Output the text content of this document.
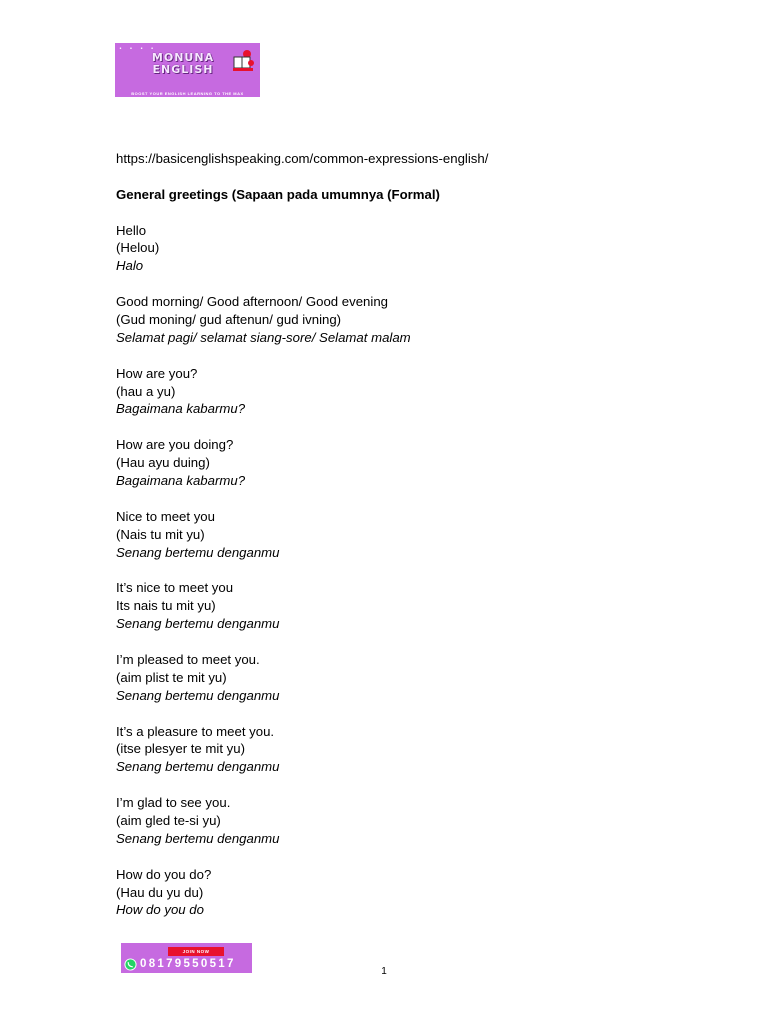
• • • •
MONUNA
ENGLISH
BOOST YOUR ENGLISH LEARNING TO THE MAX
https://basicenglishspeaking.com/common-expressions-english/
General greetings (Sapaan pada umumnya (Formal)
Hello
(Helou)
Halo
Good morning/ Good afternoon/ Good evening
(Gud moning/ gud aftenun/ gud ivning)
Selamat pagi/ selamat siang-sore/ Selamat malam
How are you?
(hau a yu)
Bagaimana kabarmu?
How are you doing?
(Hau ayu duing)
Bagaimana kabarmu?
Nice to meet you
(Nais tu mit yu)
Senang bertemu denganmu
It’s nice to meet you
Its nais tu mit yu)
Senang bertemu denganmu
I’m pleased to meet you.
(aim plist te mit yu)
Senang bertemu denganmu
It’s a pleasure to meet you.
(itse plesyer te mit yu)
Senang bertemu denganmu
I’m glad to see you.
(aim gled te-si yu)
Senang bertemu denganmu
How do you do?
(Hau du yu du)
How do you do
JOIN NOW
08179550517
1
